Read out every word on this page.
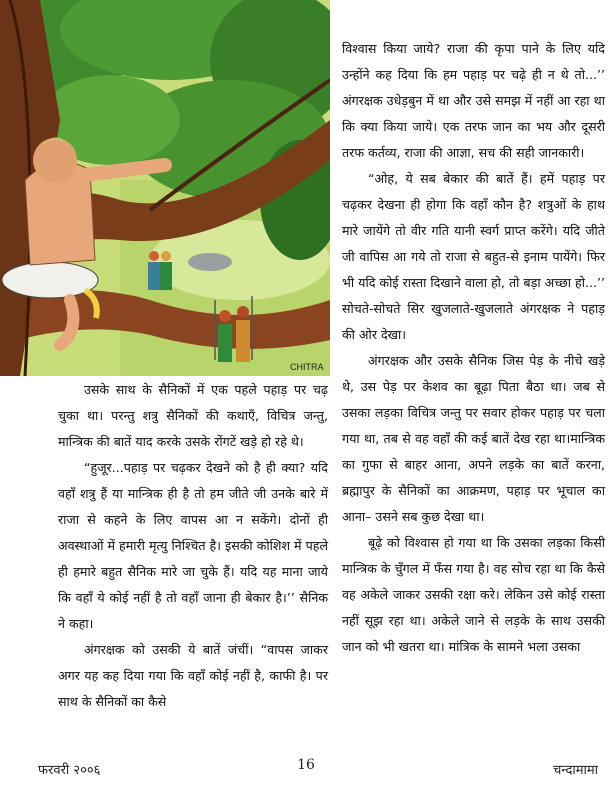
CHITRA

उसके साथ के सैनिकों में एक पहले पहाड़ पर चढ़ चुका था। परन्तु शत्रु सैनिकों की कथाएँ, विचित्र जन्तु, मान्त्रिक की बातें याद करके उसके रोंगटें खड़े हो रहे थे।

“हुजूर...पहाड़ पर चढ़कर देखने को है ही क्या? यदि वहाँ शत्रु हैं या मान्त्रिक ही है तो हम जीते जी उनके बारे में राजा से कहने के लिए वापस आ न सकेंगे। दोनों ही अवस्थाओं में हमारी मृत्यु निश्चित है। इसकी कोशिश में पहले ही हमारे बहुत सैनिक मारे जा चुके हैं। यदि यह माना जाये कि वहाँ ये कोई नहीं है तो वहाँ जाना ही बेकार है।’’ सैनिक ने कहा।

अंगरक्षक को उसकी ये बातें जंचीं। “वापस जाकर अगर यह कह दिया गया कि वहाँ कोई नहीं है, काफी है। पर साथ के सैनिकों का कैसे

विश्वास किया जाये? राजा की कृपा पाने के लिए यदि उन्होंने कह दिया कि हम पहाड़ पर चढ़े ही न थे तो...’’ अंगरक्षक उधेड़बुन में था और उसे समझ में नहीं आ रहा था कि क्या किया जाये। एक तरफ जान का भय और दूसरी तरफ कर्तव्य, राजा की आज्ञा, सच की सही जानकारी।

“ओह, ये सब बेकार की बातें हैं। हमें पहाड़ पर चढ़कर देखना ही होगा कि वहाँ कौन है? शत्रुओं के हाथ मारे जायेंगे तो वीर गति यानी स्वर्ग प्राप्त करेंगे। यदि जीते जी वापिस आ गये तो राजा से बहुत-से इनाम पायेंगे। फिर भी यदि कोई रास्ता दिखाने वाला हो, तो बड़ा अच्छा हो...’’ सोचते-सोचते सिर खुजलाते-खुजलाते अंगरक्षक ने पहाड़ की ओर देखा।

अंगरक्षक और उसके सैनिक जिस पेड़ के नीचे खड़े थे, उस पेड़ पर केशव का बूढ़ा पिता बैठा था। जब से उसका लड़का विचित्र जन्तु पर सवार होकर पहाड़ पर चला गया था, तब से वह वहाँ की कई बातें देख रहा था।मान्त्रिक का गुफा से बाहर आना, अपने लड़के का बातें करना, ब्रह्मापुर के सैनिकों का आक्रमण, पहाड़ पर भूचाल का आना– उसने सब कुछ देखा था।

बूढ़े को विश्वास हो गया था कि उसका लड़का किसी मान्त्रिक के चुँगल में फँस गया है। वह सोच रहा था कि कैसे वह अकेले जाकर उसकी रक्षा करे। लेकिन उसे कोई रास्ता नहीं सूझ रहा था। अकेले जाने से लड़के के साथ उसकी जान को भी खतरा था। मांत्रिक के सामने भला उसका

फरवरी २००६	16	चन्दामामा
